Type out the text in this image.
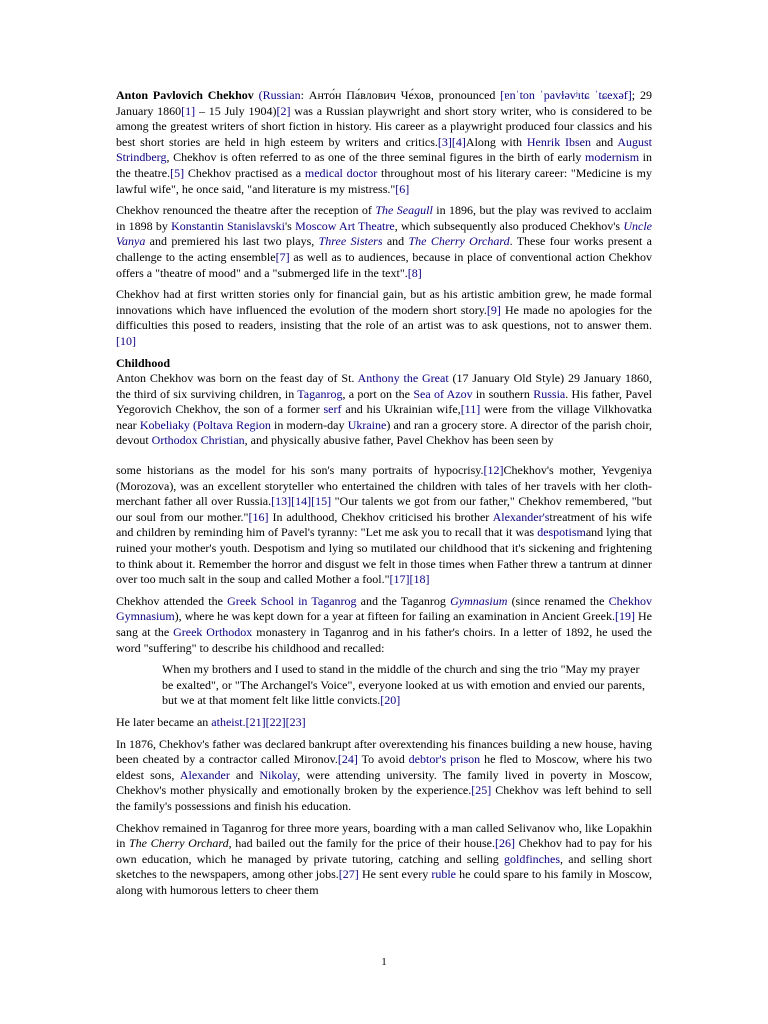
Anton Pavlovich Chekhov (Russian: Анто́н Па́влович Че́хов, pronounced [ɐnˈton ˈpavɫəvʲɪtɕ ˈtɕexəf]; 29 January 1860[1] – 15 July 1904)[2] was a Russian playwright and short story writer, who is considered to be among the greatest writers of short fiction in history. His career as a playwright produced four classics and his best short stories are held in high esteem by writers and critics.[3][4]Along with Henrik Ibsen and August Strindberg, Chekhov is often referred to as one of the three seminal figures in the birth of early modernism in the theatre.[5] Chekhov practised as a medical doctor throughout most of his literary career: "Medicine is my lawful wife", he once said, "and literature is my mistress."[6]

Chekhov renounced the theatre after the reception of The Seagull in 1896, but the play was revived to acclaim in 1898 by Konstantin Stanislavski's Moscow Art Theatre, which subsequently also produced Chekhov's Uncle Vanya and premiered his last two plays, Three Sisters and The Cherry Orchard. These four works present a challenge to the acting ensemble[7] as well as to audiences, because in place of conventional action Chekhov offers a "theatre of mood" and a "submerged life in the text".[8]

Chekhov had at first written stories only for financial gain, but as his artistic ambition grew, he made formal innovations which have influenced the evolution of the modern short story.[9] He made no apologies for the difficulties this posed to readers, insisting that the role of an artist was to ask questions, not to answer them.[10]

Childhood

Anton Chekhov was born on the feast day of St. Anthony the Great (17 January Old Style) 29 January 1860, the third of six surviving children, in Taganrog, a port on the Sea of Azov in southern Russia. His father, Pavel Yegorovich Chekhov, the son of a former serf and his Ukrainian wife,[11] were from the village Vilkhovatka near Kobeliaky (Poltava Region in modern-day Ukraine) and ran a grocery store. A director of the parish choir, devout Orthodox Christian, and physically abusive father, Pavel Chekhov has been seen by

some historians as the model for his son's many portraits of hypocrisy.[12]Chekhov's mother, Yevgeniya (Morozova), was an excellent storyteller who entertained the children with tales of her travels with her cloth-merchant father all over Russia.[13][14][15] "Our talents we got from our father," Chekhov remembered, "but our soul from our mother."[16] In adulthood, Chekhov criticised his brother Alexander'streatment of his wife and children by reminding him of Pavel's tyranny: "Let me ask you to recall that it was despotismand lying that ruined your mother's youth. Despotism and lying so mutilated our childhood that it's sickening and frightening to think about it. Remember the horror and disgust we felt in those times when Father threw a tantrum at dinner over too much salt in the soup and called Mother a fool."[17][18]

Chekhov attended the Greek School in Taganrog and the Taganrog Gymnasium (since renamed the Chekhov Gymnasium), where he was kept down for a year at fifteen for failing an examination in Ancient Greek.[19] He sang at the Greek Orthodox monastery in Taganrog and in his father's choirs. In a letter of 1892, he used the word "suffering" to describe his childhood and recalled:

When my brothers and I used to stand in the middle of the church and sing the trio "May my prayer be exalted", or "The Archangel's Voice", everyone looked at us with emotion and envied our parents, but we at that moment felt like little convicts.[20]

He later became an atheist.[21][22][23]

In 1876, Chekhov's father was declared bankrupt after overextending his finances building a new house, having been cheated by a contractor called Mironov.[24] To avoid debtor's prison he fled to Moscow, where his two eldest sons, Alexander and Nikolay, were attending university. The family lived in poverty in Moscow, Chekhov's mother physically and emotionally broken by the experience.[25] Chekhov was left behind to sell the family's possessions and finish his education.

Chekhov remained in Taganrog for three more years, boarding with a man called Selivanov who, like Lopakhin in The Cherry Orchard, had bailed out the family for the price of their house.[26] Chekhov had to pay for his own education, which he managed by private tutoring, catching and selling goldfinches, and selling short sketches to the newspapers, among other jobs.[27] He sent every ruble he could spare to his family in Moscow, along with humorous letters to cheer them

1
